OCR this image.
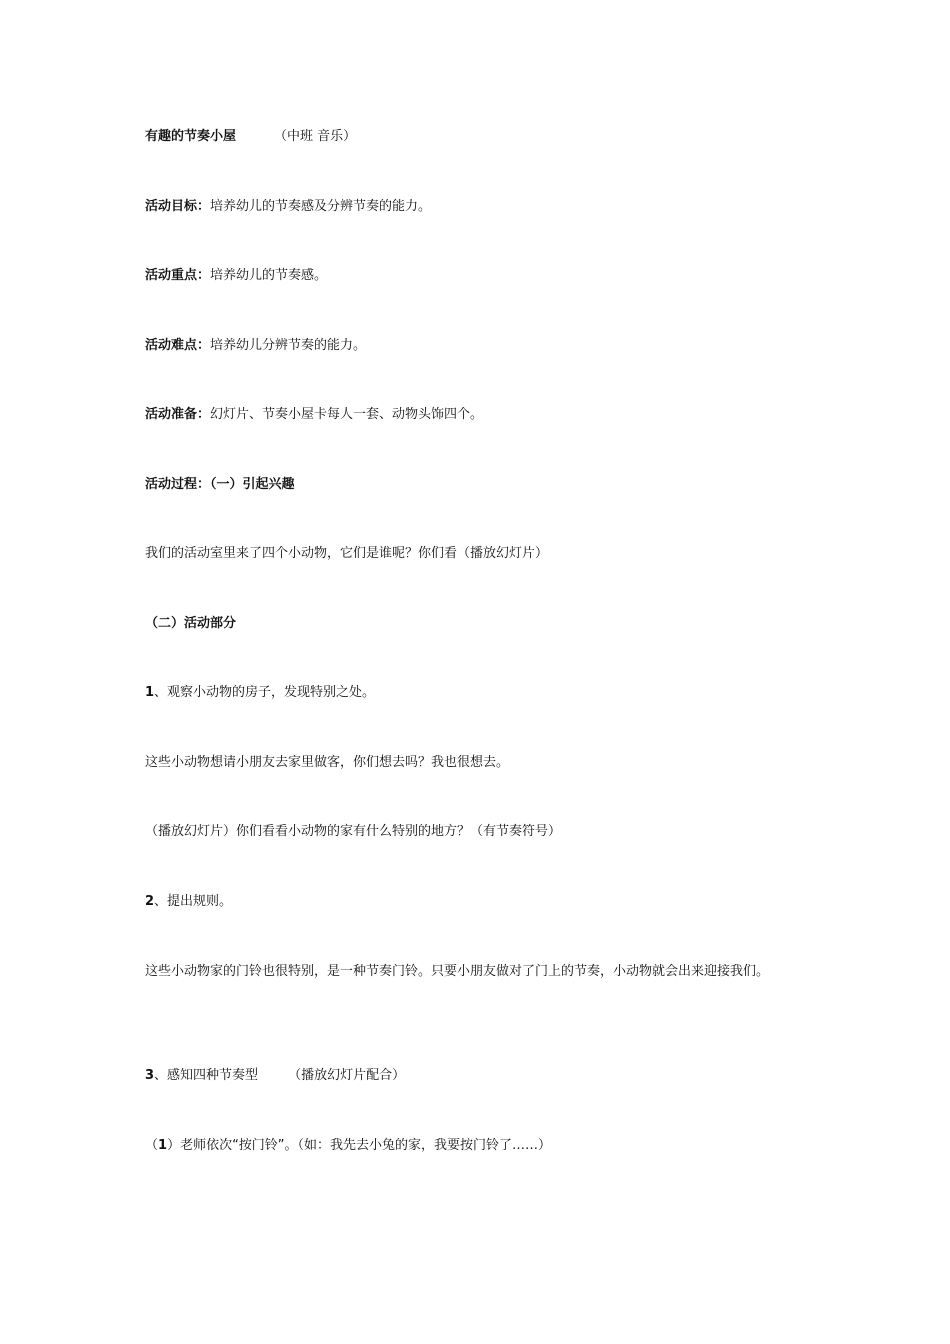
有趣的节奏小屋	（中班 音乐）
活动目标：培养幼儿的节奏感及分辨节奏的能力。
活动重点：培养幼儿的节奏感。
活动难点：培养幼儿分辨节奏的能力。
活动准备：幻灯片、节奏小屋卡每人一套、动物头饰四个。
活动过程：（一）引起兴趣
我们的活动室里来了四个小动物，它们是谁呢？你们看（播放幻灯片）
（二）活动部分
1、观察小动物的房子，发现特别之处。
这些小动物想请小朋友去家里做客，你们想去吗？我也很想去。
（播放幻灯片）你们看看小动物的家有什么特别的地方？（有节奏符号）
2、提出规则。
这些小动物家的门铃也很特别，是一种节奏门铃。只要小朋友做对了门上的节奏，小动物就会出来迎接我们。
3、感知四种节奏型 （播放幻灯片配合）
（1）老师依次“按门铃”。（如：我先去小兔的家，我要按门铃了……）
